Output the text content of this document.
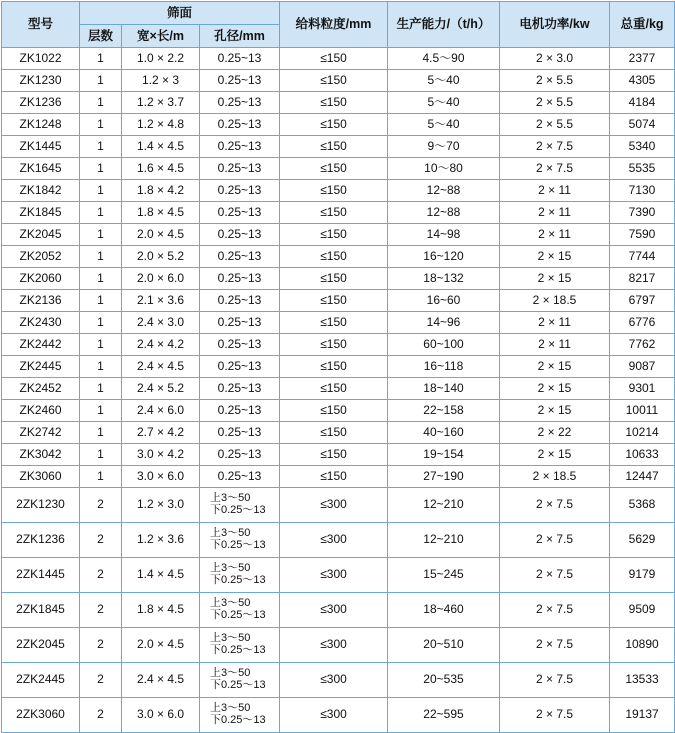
型号	筛面			给料粒度/mm	生产能力/（t/h）	电机功率/kw	总重/kg
	层数	宽×长/m	孔径/mm				
ZK1022	1	1.0 × 2.2	0.25~13	≤150	4.5～90	2 × 3.0	2377
ZK1230	1	1.2 × 3	0.25~13	≤150	5～40	2 × 5.5	4305
ZK1236	1	1.2 × 3.7	0.25~13	≤150	5～40	2 × 5.5	4184
ZK1248	1	1.2 × 4.8	0.25~13	≤150	5～40	2 × 5.5	5074
ZK1445	1	1.4 × 4.5	0.25~13	≤150	9～70	2 × 7.5	5340
ZK1645	1	1.6 × 4.5	0.25~13	≤150	10～80	2 × 7.5	5535
ZK1842	1	1.8 × 4.2	0.25~13	≤150	12~88	2 × 11	7130
ZK1845	1	1.8 × 4.5	0.25~13	≤150	12~88	2 × 11	7390
ZK2045	1	2.0 × 4.5	0.25~13	≤150	14~98	2 × 11	7590
ZK2052	1	2.0 × 5.2	0.25~13	≤150	16~120	2 × 15	7744
ZK2060	1	2.0 × 6.0	0.25~13	≤150	18~132	2 × 15	8217
ZK2136	1	2.1 × 3.6	0.25~13	≤150	16~60	2 × 18.5	6797
ZK2430	1	2.4 × 3.0	0.25~13	≤150	14~96	2 × 11	6776
ZK2442	1	2.4 × 4.2	0.25~13	≤150	60~100	2 × 11	7762
ZK2445	1	2.4 × 4.5	0.25~13	≤150	16~118	2 × 15	9087
ZK2452	1	2.4 × 5.2	0.25~13	≤150	18~140	2 × 15	9301
ZK2460	1	2.4 × 6.0	0.25~13	≤150	22~158	2 × 15	10011
ZK2742	1	2.7 × 4.2	0.25~13	≤150	40~160	2 × 22	10214
ZK3042	1	3.0 × 4.2	0.25~13	≤150	19~154	2 × 15	10633
ZK3060	1	3.0 × 6.0	0.25~13	≤150	27~190	2 × 18.5	12447
2ZK1230	2	1.2 × 3.0	上3～50
下0.25～13	≤300	12~210	2 × 7.5	5368
2ZK1236	2	1.2 × 3.6	上3～50
下0.25～13	≤300	12~210	2 × 7.5	5629
2ZK1445	2	1.4 × 4.5	上3～50
下0.25～13	≤300	15~245	2 × 7.5	9179
2ZK1845	2	1.8 × 4.5	上3～50
下0.25～13	≤300	18~460	2 × 7.5	9509
2ZK2045	2	2.0 × 4.5	上3～50
下0.25～13	≤300	20~510	2 × 7.5	10890
2ZK2445	2	2.4 × 4.5	上3～50
下0.25～13	≤300	20~535	2 × 7.5	13533
2ZK3060	2	3.0 × 6.0	上3～50
下0.25～13	≤300	22~595	2 × 7.5	19137
